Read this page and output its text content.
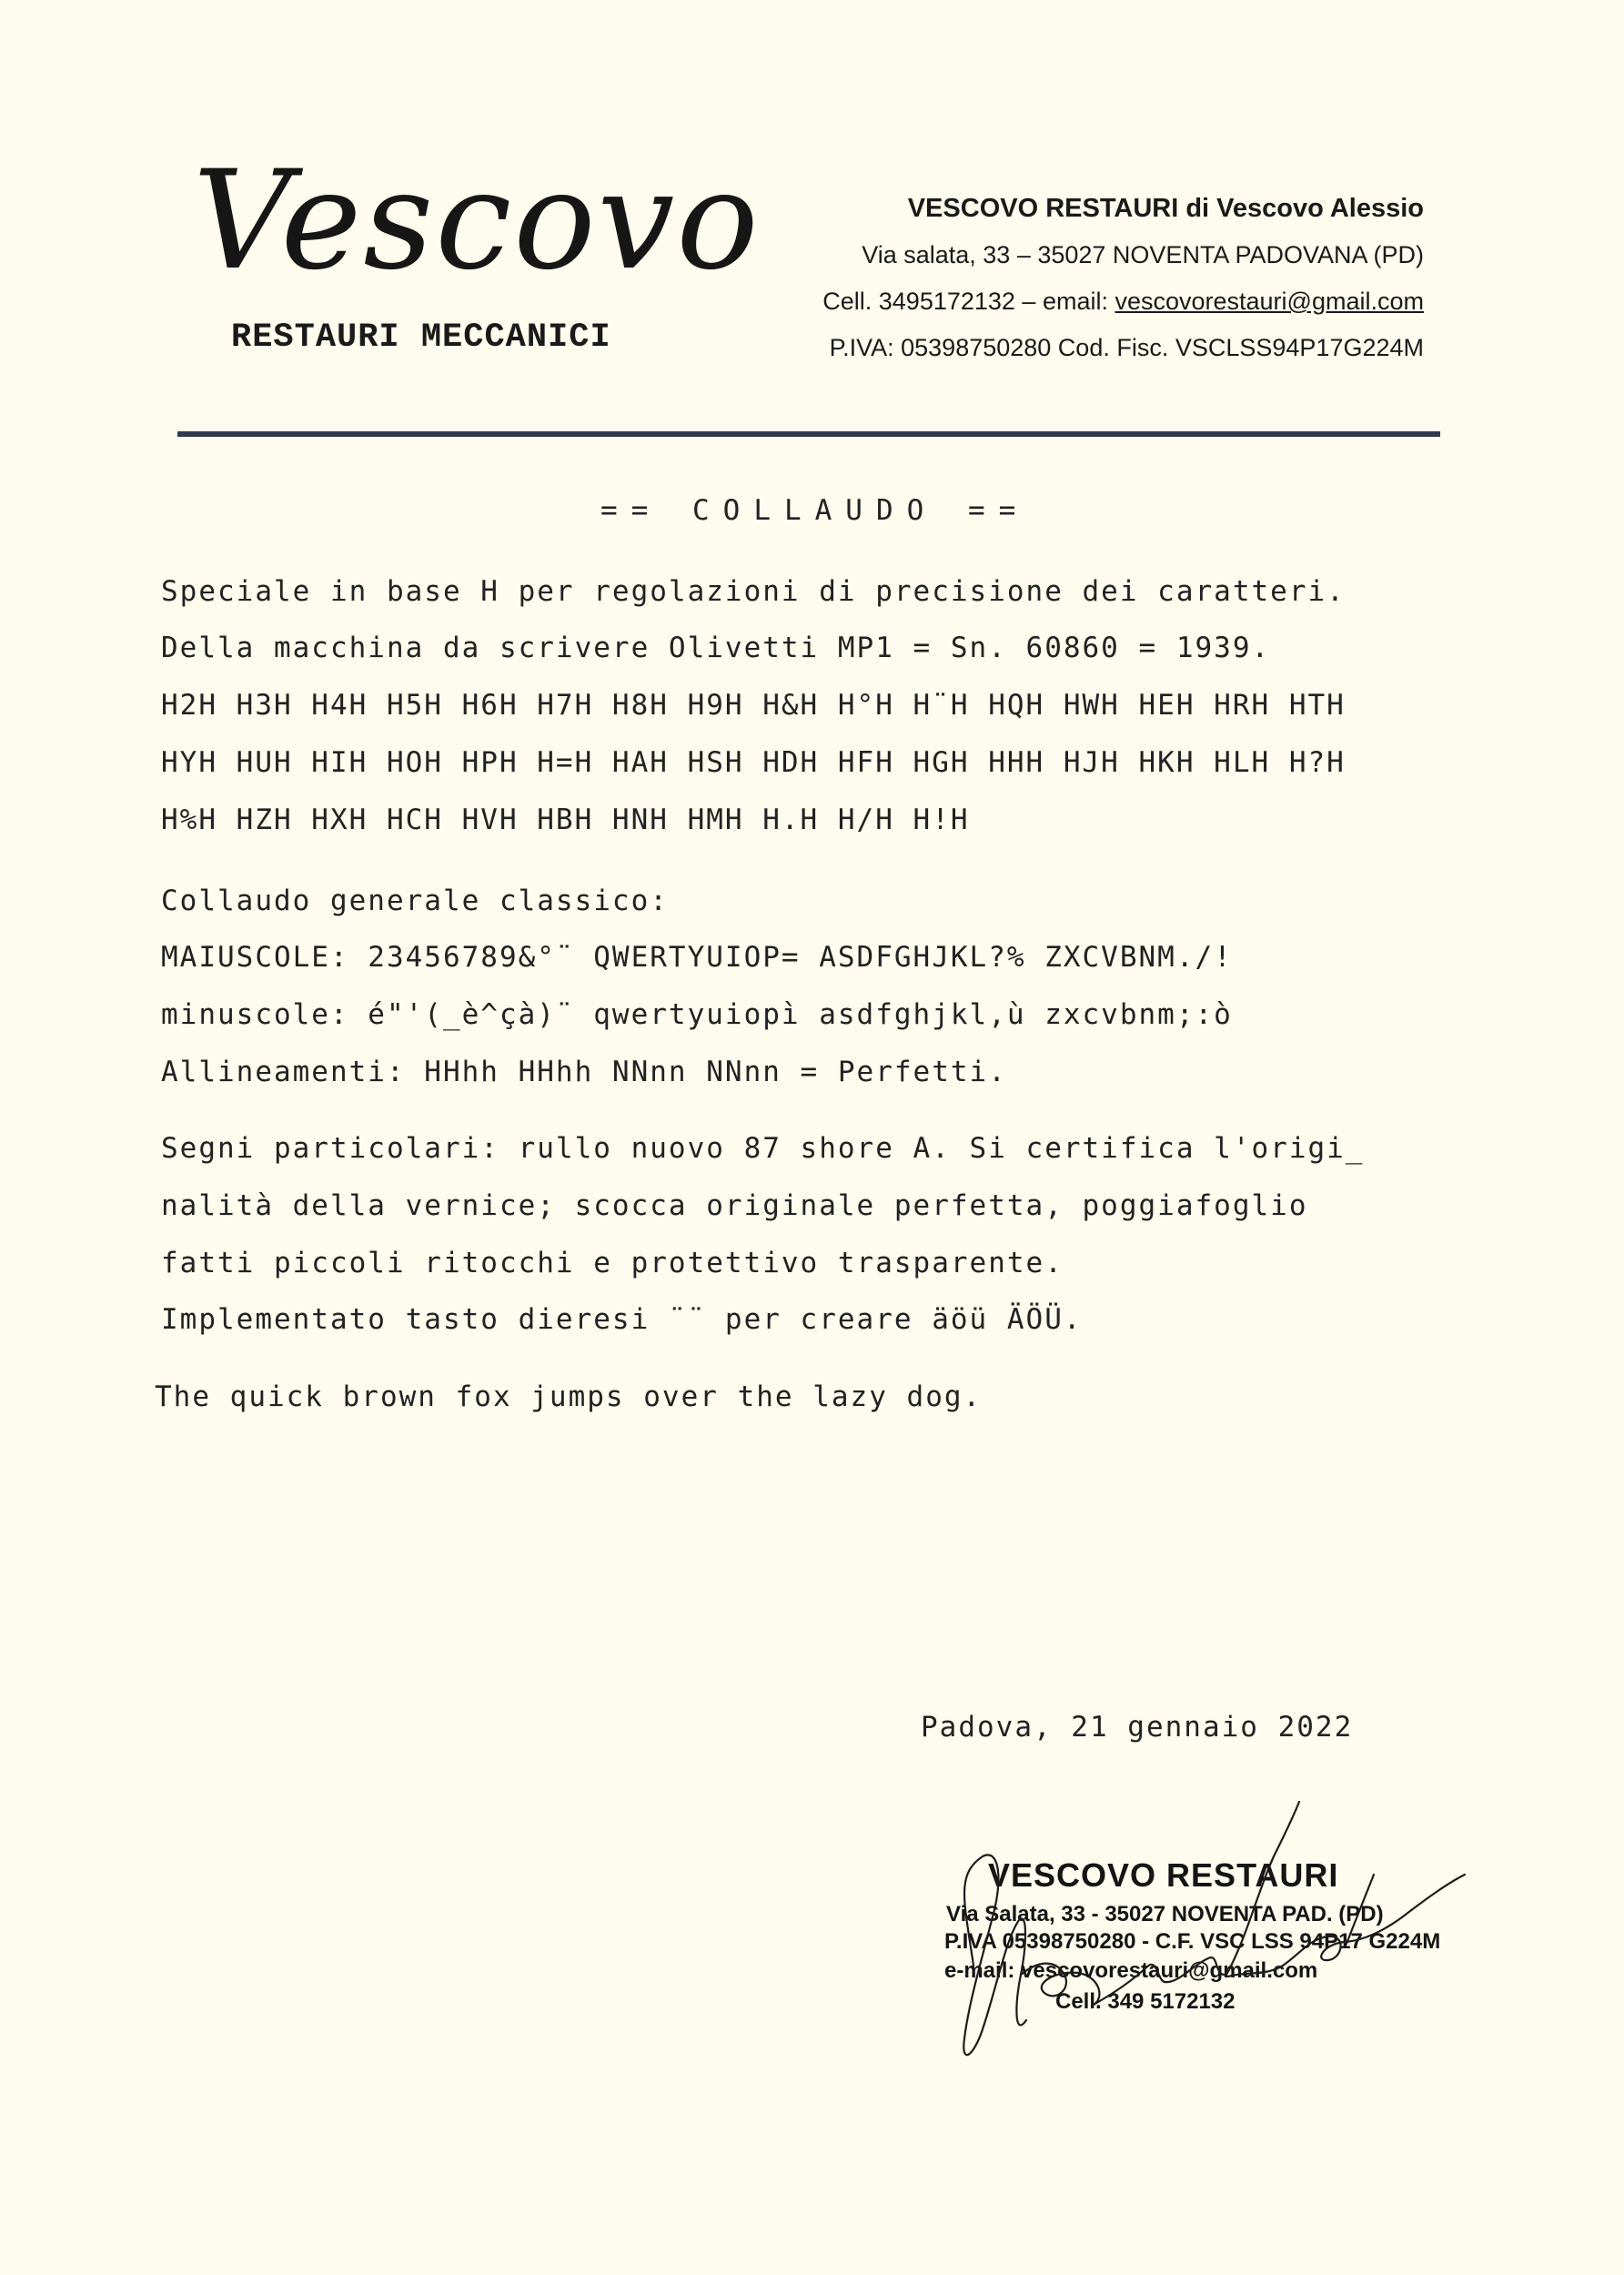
Vescovo
RESTAURI MECCANICI
VESCOVO RESTAURI di Vescovo Alessio
Via salata, 33 – 35027 NOVENTA PADOVANA (PD)
Cell. 3495172132 – email: vescovorestauri@gmail.com
P.IVA: 05398750280 Cod. Fisc. VSCLSS94P17G224M
== COLLAUDO ==
Speciale in base H per regolazioni di precisione dei caratteri.
Della macchina da scrivere Olivetti MP1 = Sn. 60860 = 1939.
H2H H3H H4H H5H H6H H7H H8H H9H H&H H°H H¨H HQH HWH HEH HRH HTH
HYH HUH HIH HOH HPH H=H HAH HSH HDH HFH HGH HHH HJH HKH HLH H?H
H%H HZH HXH HCH HVH HBH HNH HMH H.H H/H H!H
Collaudo generale classico:
MAIUSCOLE: 23456789&°¨ QWERTYUIOP= ASDFGHJKL?% ZXCVBNM./!
minuscole: é"'(_è^çà)¨ qwertyuiopì asdfghjkl,ù zxcvbnm;:ò
Allineamenti: HHhh HHhh NNnn NNnn = Perfetti.
Segni particolari: rullo nuovo 87 shore A. Si certifica l'origi_
nalità della vernice; scocca originale perfetta, poggiafoglio
fatti piccoli ritocchi e protettivo trasparente.
Implementato tasto dieresi ¨¨ per creare äöü ÄÖÜ.
The quick brown fox jumps over the lazy dog.
Padova, 21 gennaio 2022
VESCOVO RESTAURI
Via Salata, 33 - 35027 NOVENTA PAD. (PD)
P.IVA 05398750280 - C.F. VSC LSS 94P17 G224M
e-mail: vescovorestauri@gmail.com
Cell. 349 5172132
